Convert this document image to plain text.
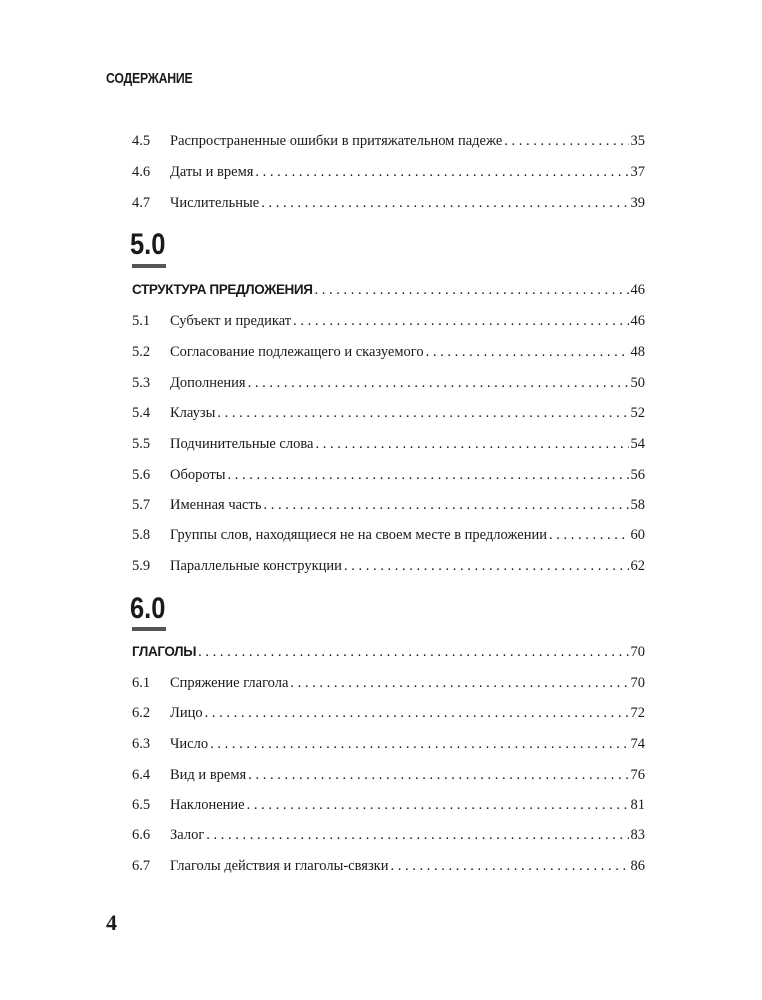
СОДЕРЖАНИЕ
4.5	Распространенные ошибки в притяжательном падеже . . .	35
4.6	Даты и время . . .	37
4.7	Числительные . . .	39
5.0
СТРУКТУРА ПРЕДЛОЖЕНИЯ . . .	46
5.1	Субъект и предикат . . .	46
5.2	Согласование подлежащего и сказуемого . . .	48
5.3	Дополнения . . .	50
5.4	Клаузы . . .	52
5.5	Подчинительные слова . . .	54
5.6	Обороты . . .	56
5.7	Именная часть . . .	58
5.8	Группы слов, находящиеся не на своем месте в предложении . . .	60
5.9	Параллельные конструкции . . .	62
6.0
ГЛАГОЛЫ . . .	70
6.1	Спряжение глагола . . .	70
6.2	Лицо . . .	72
6.3	Число . . .	74
6.4	Вид и время . . .	76
6.5	Наклонение . . .	81
6.6	Залог . . .	83
6.7	Глаголы действия и глаголы-связки . . .	86
4
